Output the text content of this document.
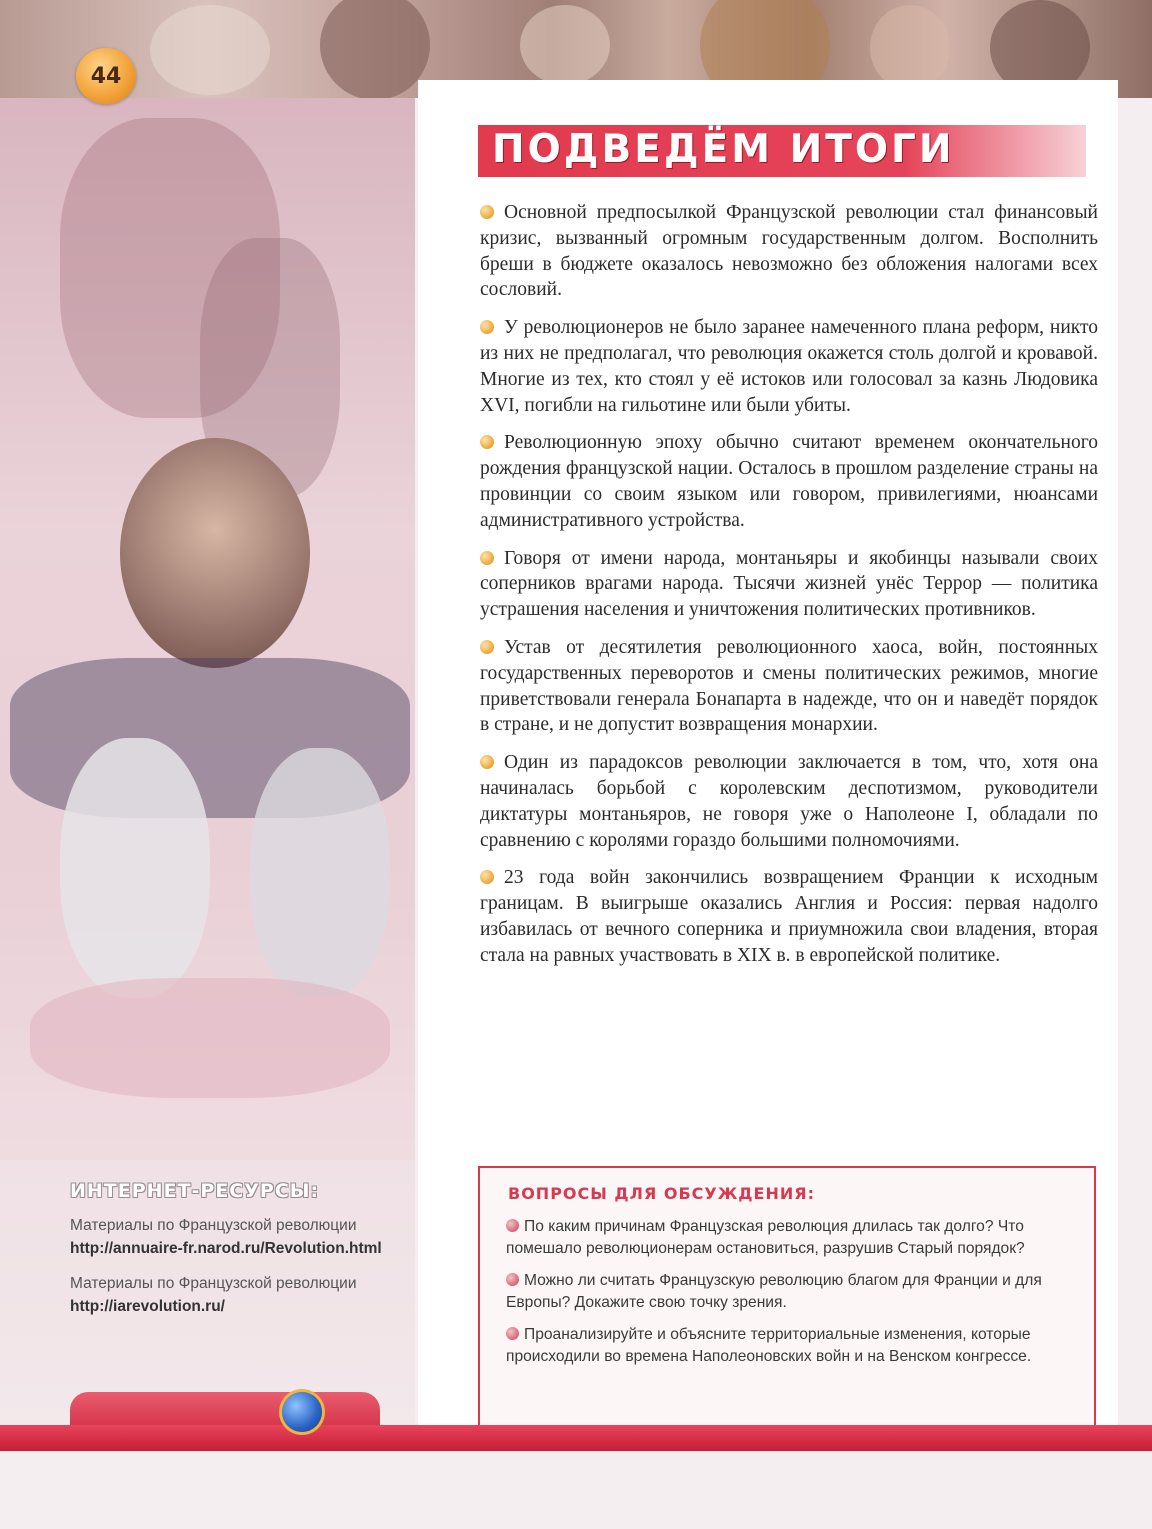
44
ПОДВЕДЁМ ИТОГИ

Основной предпосылкой Французской революции стал финансовый кризис, вызванный огромным государственным долгом. Восполнить бреши в бюджете оказалось невозможно без обложения налогами всех сословий.

У революционеров не было заранее намеченного плана реформ, никто из них не предполагал, что революция окажется столь долгой и кровавой. Многие из тех, кто стоял у её истоков или голосовал за казнь Людовика XVI, погибли на гильотине или были убиты.

Революционную эпоху обычно считают временем окончательного рождения французской нации. Осталось в прошлом разделение страны на провинции со своим языком или говором, привилегиями, нюансами административного устройства.

Говоря от имени народа, монтаньяры и якобинцы называли своих соперников врагами народа. Тысячи жизней унёс Террор — политика устрашения населения и уничтожения политических противников.

Устав от десятилетия революционного хаоса, войн, постоянных государственных переворотов и смены политических режимов, многие приветствовали генерала Бонапарта в надежде, что он и наведёт порядок в стране, и не допустит возвращения монархии.

Один из парадоксов революции заключается в том, что, хотя она начиналась борьбой с королевским деспотизмом, руководители диктатуры монтаньяров, не говоря уже о Наполеоне I, обладали по сравнению с королями гораздо большими полномочиями.

23 года войн закончились возвращением Франции к исходным границам. В выигрыше оказались Англия и Россия: первая надолго избавилась от вечного соперника и приумножила свои владения, вторая стала на равных участвовать в XIX в. в европейской политике.

ВОПРОСЫ ДЛЯ ОБСУЖДЕНИЯ:

По каким причинам Французская революция длилась так долго? Что помешало революционерам остановиться, разрушив Старый порядок?

Можно ли считать Французскую революцию благом для Франции и для Европы? Докажите свою точку зрения.

Проанализируйте и объясните территориальные изменения, которые происходили во времена Наполеоновских войн и на Венском конгрессе.

ИНТЕРНЕТ-РЕСУРСЫ:

Материалы по Французской революции http://annuaire-fr.narod.ru/Revolution.html

Материалы по Французской революции http://iarevolution.ru/
